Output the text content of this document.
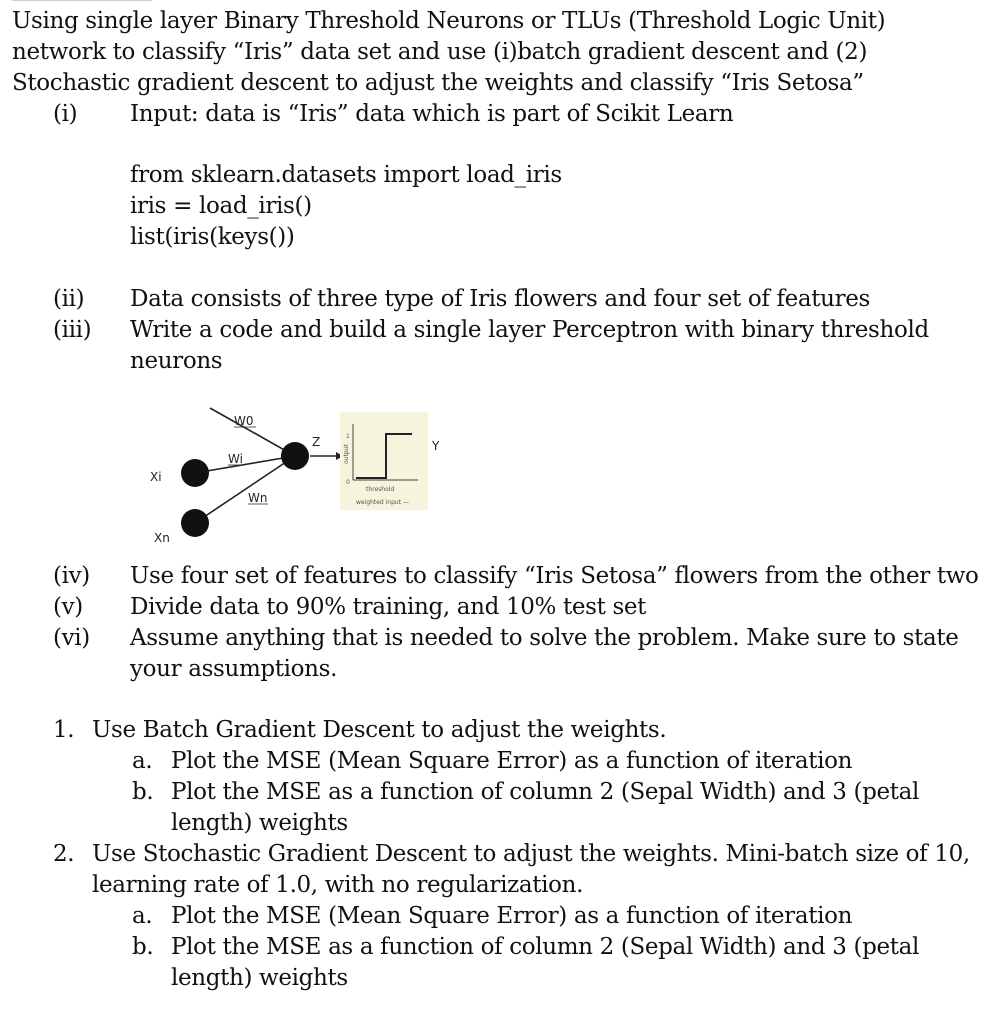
Using single layer Binary Threshold Neurons or TLUs (Threshold Logic Unit)
network to classify “Iris” data set and use (i)batch gradient descent and (2)
Stochastic gradient descent to adjust the weights and classify “Iris Setosa”
(i) Input: data is “Iris” data which is part of Scikit Learn
from sklearn.datasets import load_iris
iris = load_iris()
list(iris(keys())
(ii) Data consists of three type of Iris flowers and four set of features
(iii) Write a code and build a single layer Perceptron with binary threshold
neurons
W0
Wi
Wn
Xi
Xn
Z
output
1
0
threshold
weighted input —
Y
(iv) Use four set of features to classify “Iris Setosa” flowers from the other two
(v) Divide data to 90% training, and 10% test set
(vi) Assume anything that is needed to solve the problem. Make sure to state
your assumptions.
1. Use Batch Gradient Descent to adjust the weights.
a. Plot the MSE (Mean Square Error) as a function of iteration
b. Plot the MSE as a function of column 2 (Sepal Width) and 3 (petal
length) weights
2. Use Stochastic Gradient Descent to adjust the weights. Mini-batch size of 10,
learning rate of 1.0, with no regularization.
a. Plot the MSE (Mean Square Error) as a function of iteration
b. Plot the MSE as a function of column 2 (Sepal Width) and 3 (petal
length) weights
